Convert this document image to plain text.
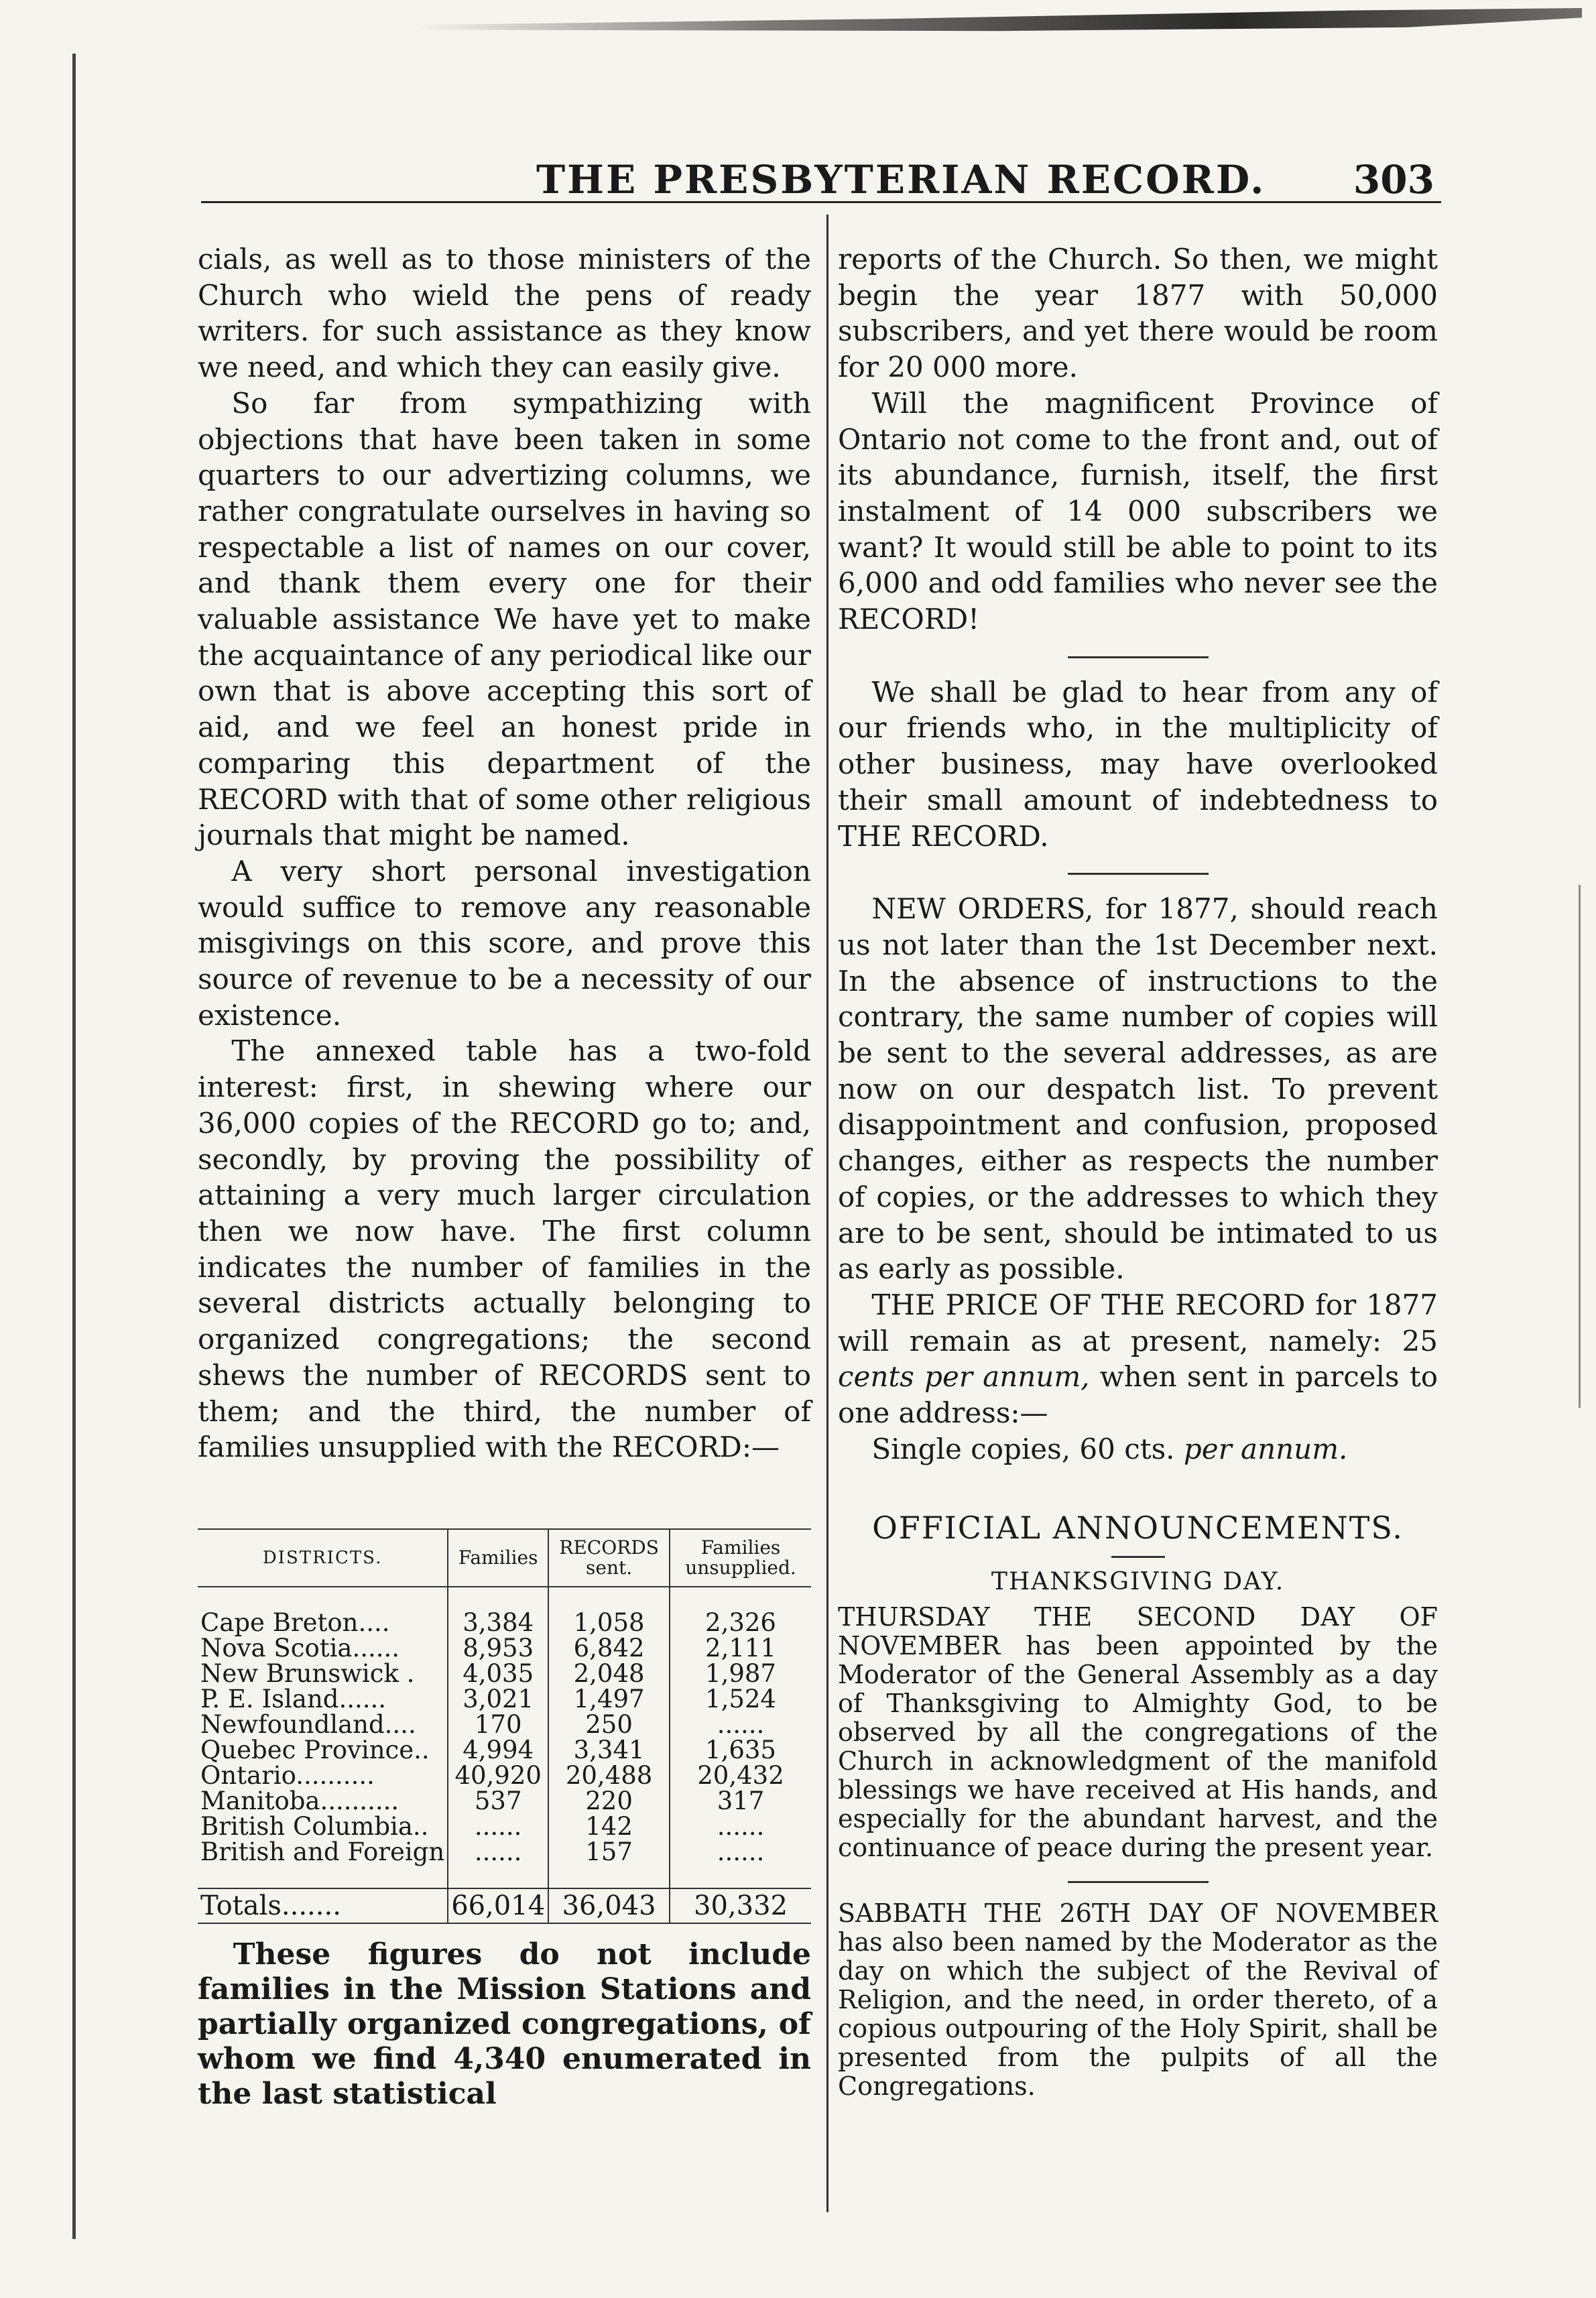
THE PRESBYTERIAN RECORD. 303

cials, as well as to those ministers of the Church who wield the pens of ready writers. for such assistance as they know we need, and which they can easily give.

So far from sympathizing with objections that have been taken in some quarters to our advertizing columns, we rather congratulate ourselves in having so respectable a list of names on our cover, and thank them every one for their valuable assistance We have yet to make the acquaintance of any periodical like our own that is above accepting this sort of aid, and we feel an honest pride in comparing this department of the RECORD with that of some other religious journals that might be named.

A very short personal investigation would suffice to remove any reasonable misgivings on this score, and prove this source of revenue to be a necessity of our existence.

The annexed table has a two-fold interest: first, in shewing where our 36,000 copies of the RECORD go to; and, secondly, by proving the possibility of attaining a very much larger circulation then we now have. The first column indicates the number of families in the several districts actually belonging to organized congregations; the second shews the number of RECORDS sent to them; and the third, the number of families unsupplied with the RECORD:—

DISTRICTS.	Families	RECORDS sent.	Families unsupplied.

Cape Breton....	3,384	1,058	2,326
Nova Scotia......	8,953	6,842	2,111
New Brunswick .	4,035	2,048	1,987
P. E. Island......	3,021	1,497	1,524
Newfoundland....	170	250	......
Quebec Province..	4,994	3,341	1,635
Ontario..........	40,920	20,488	20,432
Manitoba..........	537	220	317
British Columbia..	......	142	......
British and Foreign	......	157	......

Totals.......	66,014	36,043	30,332

These figures do not include families in the Mission Stations and partially organized congregations, of whom we find 4,340 enumerated in the last statistical

reports of the Church. So then, we might begin the year 1877 with 50,000 subscribers, and yet there would be room for 20 000 more.

Will the magnificent Province of Ontario not come to the front and, out of its abundance, furnish, itself, the first instalment of 14 000 subscribers we want? It would still be able to point to its 6,000 and odd families who never see the RECORD!

We shall be glad to hear from any of our friends who, in the multiplicity of other business, may have overlooked their small amount of indebtedness to THE RECORD.

NEW ORDERS, for 1877, should reach us not later than the 1st December next. In the absence of instructions to the contrary, the same number of copies will be sent to the several addresses, as are now on our despatch list. To prevent disappointment and confusion, proposed changes, either as respects the number of copies, or the addresses to which they are to be sent, should be intimated to us as early as possible.

THE PRICE OF THE RECORD for 1877 will remain as at present, namely: 25 cents per annum, when sent in parcels to one address:—

Single copies, 60 cts. per annum.

OFFICIAL ANNOUNCEMENTS.
THANKSGIVING DAY.

THURSDAY THE SECOND DAY OF NOVEMBER has been appointed by the Moderator of the General Assembly as a day of Thanksgiving to Almighty God, to be observed by all the congregations of the Church in acknowledgment of the manifold blessings we have received at His hands, and especially for the abundant harvest, and the continuance of peace during the present year.

SABBATH THE 26TH DAY OF NOVEMBER has also been named by the Moderator as the day on which the subject of the Revival of Religion, and the need, in order thereto, of a copious outpouring of the Holy Spirit, shall be presented from the pulpits of all the Congregations.
